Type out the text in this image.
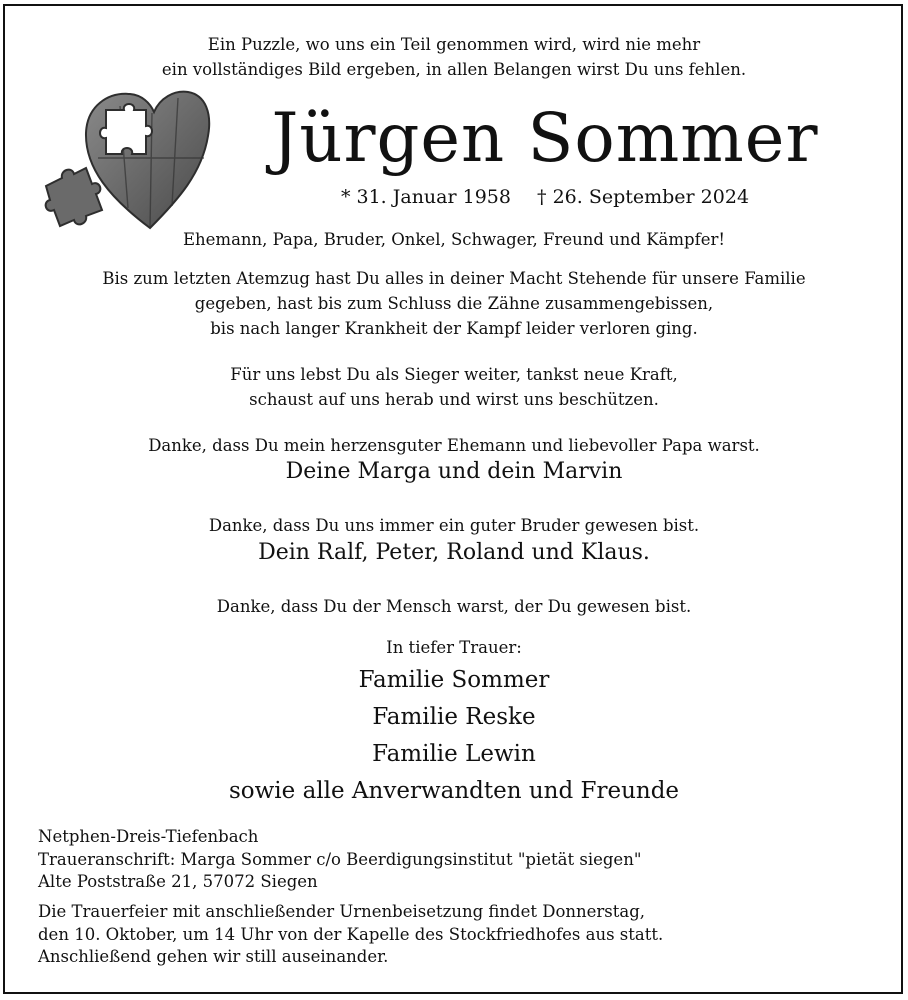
Ein Puzzle, wo uns ein Teil genommen wird, wird nie mehr
ein vollständiges Bild ergeben, in allen Belangen wirst Du uns fehlen.
Jürgen Sommer
* 31. Januar 1958 † 26. September 2024
Ehemann, Papa, Bruder, Onkel, Schwager, Freund und Kämpfer!
Bis zum letzten Atemzug hast Du alles in deiner Macht Stehende für unsere Familie
gegeben, hast bis zum Schluss die Zähne zusammengebissen,
bis nach langer Krankheit der Kampf leider verloren ging.
Für uns lebst Du als Sieger weiter, tankst neue Kraft,
schaust auf uns herab und wirst uns beschützen.
Danke, dass Du mein herzensguter Ehemann und liebevoller Papa warst.
Deine Marga und dein Marvin
Danke, dass Du uns immer ein guter Bruder gewesen bist.
Dein Ralf, Peter, Roland und Klaus.
Danke, dass Du der Mensch warst, der Du gewesen bist.
In tiefer Trauer:
Familie Sommer
Familie Reske
Familie Lewin
sowie alle Anverwandten und Freunde
Netphen-Dreis-Tiefenbach
Traueranschrift: Marga Sommer c/o Beerdigungsinstitut "pietät siegen"
Alte Poststraße 21, 57072 Siegen
Die Trauerfeier mit anschließender Urnenbeisetzung findet Donnerstag,
den 10. Oktober, um 14 Uhr von der Kapelle des Stockfriedhofes aus statt.
Anschließend gehen wir still auseinander.
